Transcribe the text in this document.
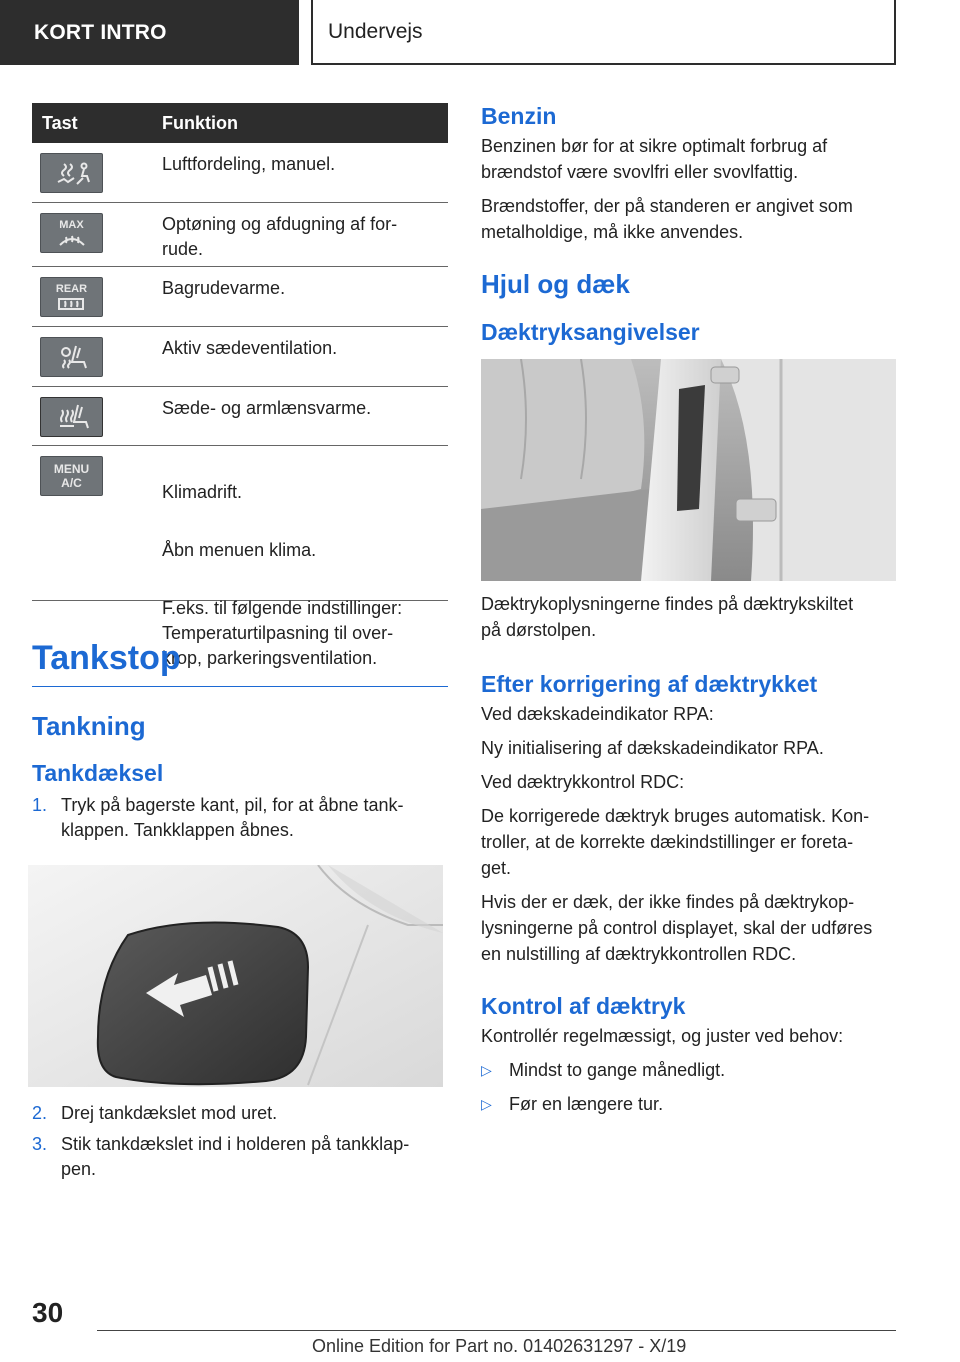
KORT INTRO	Undervejs
Tast	Funktion

Luftfordeling, manuel.

MAX	Optøning og afdugning af for-
rude.

REAR	Bagrudevarme.

Aktiv sædeventilation.

Sæde- og armlænsvarme.

MENU
A/C	Klimadrift.

Åbn menuen klima.

F.eks. til følgende indstillinger:
Temperaturtilpasning til over-
krop, parkeringsventilation.

Tankstop
Tankning
Tankdæksel
1. Tryk på bagerste kant, pil, for at åbne tank-
klappen. Tankklappen åbnes.
2. Drej tankdækslet mod uret.
3. Stik tankdækslet ind i holderen på tankklap-
pen.
Benzin

Benzinen bør for at sikre optimalt forbrug af
brændstof være svovlfri eller svovlfattig.

Brændstoffer, der på standeren er angivet som
metalholdige, må ikke anvendes.

Hjul og dæk
Dæktryksangivelser

Dæktrykoplysningerne findes på dæktrykskiltet
på dørstolpen.

Efter korrigering af dæktrykket

Ved dækskadeindikator RPA:

Ny initialisering af dækskadeindikator RPA.

Ved dæktrykkontrol RDC:

De korrigerede dæktryk bruges automatisk. Kon-
troller, at de korrekte dækindstillinger er foreta-
get.

Hvis der er dæk, der ikke findes på dæktrykop-
lysningerne på control displayet, skal der udføres
en nulstilling af dæktrykkontrollen RDC.

Kontrol af dæktryk

Kontrollér regelmæssigt, og juster ved behov:

▷ Mindst to gange månedligt.
▷ Før en længere tur.
30
Online Edition for Part no. 01402631297 - X/19
